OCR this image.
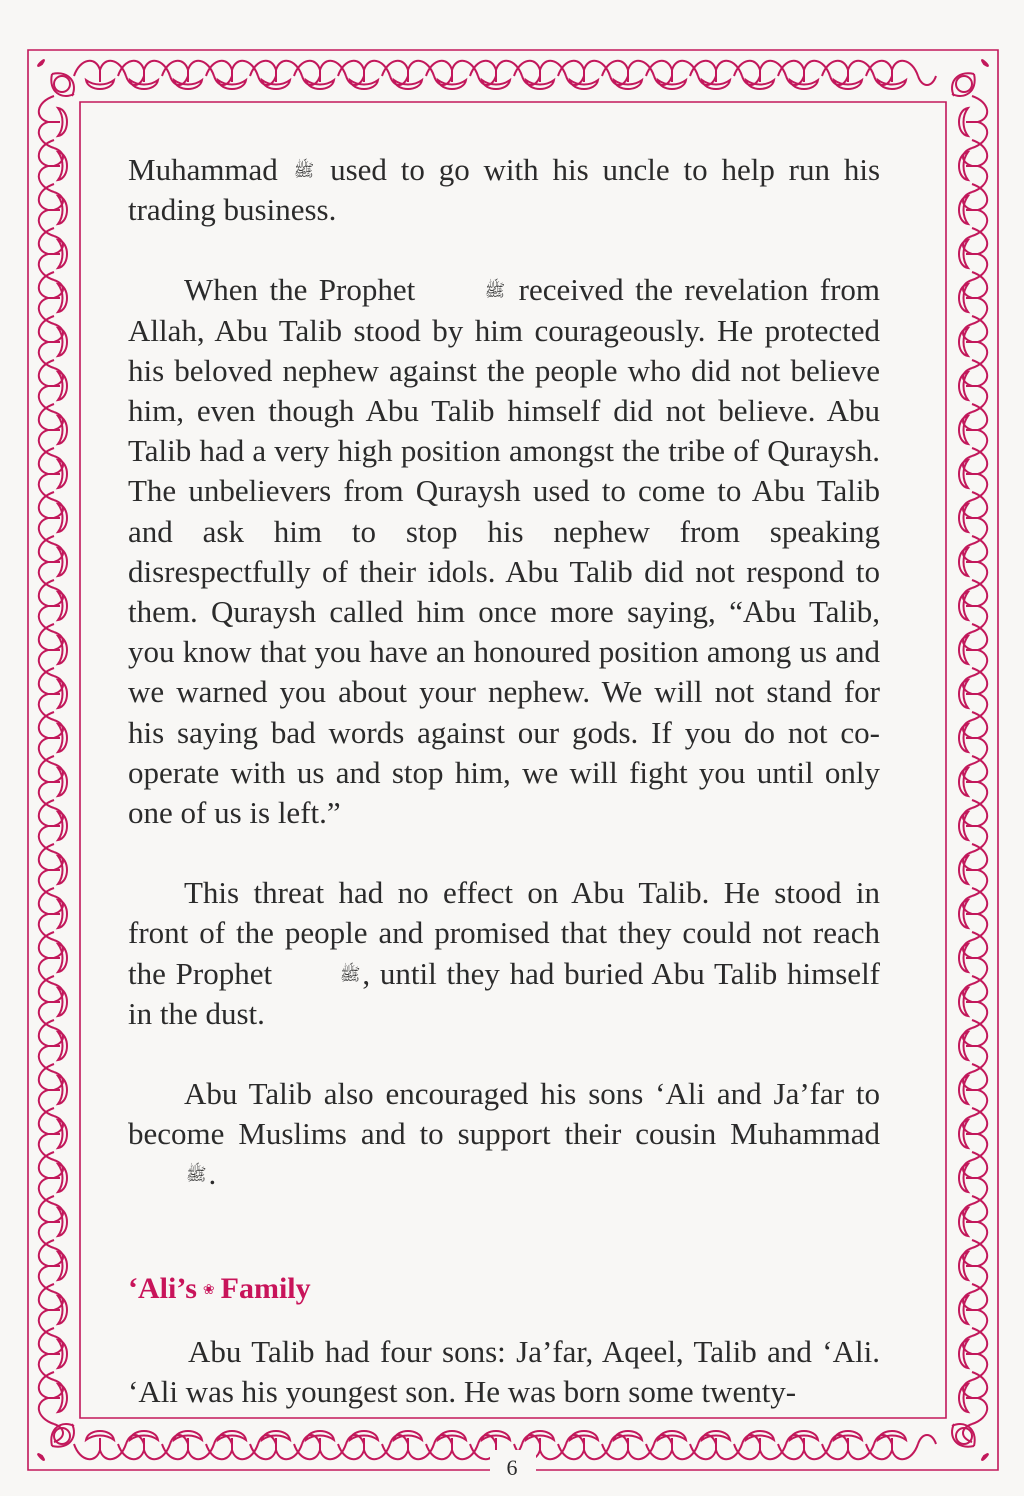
Muhammad ﷺ used to go with his uncle to help run his trading business.

When the Prophet	ﷺ received the revelation from Allah, Abu Talib stood by him courageously. He protected his beloved nephew against the people who did not believe him, even though Abu Talib himself did not believe. Abu Talib had a very high position amongst the tribe of Quraysh. The unbelievers from Quraysh used to come to Abu Talib and ask him to stop his nephew from speaking disrespectfully of their idols. Abu Talib did not respond to them. Quraysh called him once more saying, “Abu Talib, you know that you have an honoured position among us and we warned you about your nephew. We will not stand for his saying bad words against our gods. If you do not co-operate with us and stop him, we will fight you until only one of us is left.”

This threat had no effect on Abu Talib. He stood in front of the people and promised that they could not reach the Prophet	ﷺ, until they had buried Abu Talib himself in the dust.

Abu Talib also encouraged his sons ‘Ali and Ja’far to become Muslims and to support their cousin Muhammad ﷺ.

‘Ali’s ❀ Family

Abu Talib had four sons: Ja’far, Aqeel, Talib and ‘Ali. ‘Ali was his youngest son. He was born some twenty-

6
